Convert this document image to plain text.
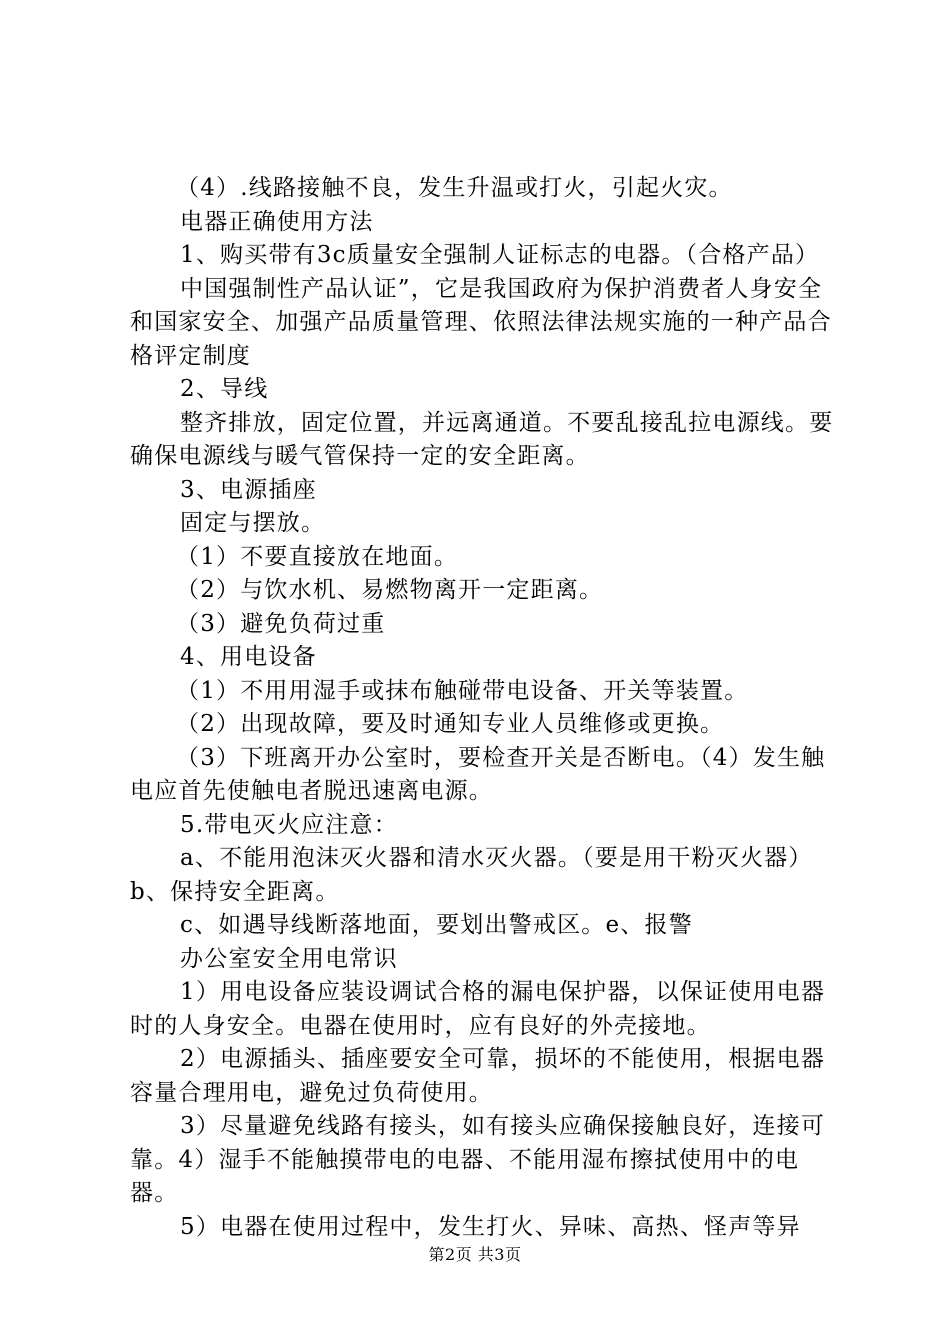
（4）.线路接触不良，发生升温或打火，引起火灾。

电器正确使用方法

1、购买带有3c质量安全强制人证标志的电器。（合格产品）

中国强制性产品认证”，它是我国政府为保护消费者人身安全和国家安全、加强产品质量管理、依照法律法规实施的一种产品合格评定制度

2、导线

整齐排放，固定位置，并远离通道。不要乱接乱拉电源线。要确保电源线与暖气管保持一定的安全距离。

3、电源插座

固定与摆放。

（1）不要直接放在地面。

（2）与饮水机、易燃物离开一定距离。

（3）避免负荷过重

4、用电设备

（1）不用用湿手或抹布触碰带电设备、开关等装置。

（2）出现故障，要及时通知专业人员维修或更换。

（3）下班离开办公室时，要检查开关是否断电。（4）发生触电应首先使触电者脱迅速离电源。

5.带电灭火应注意：

a、不能用泡沫灭火器和清水灭火器。（要是用干粉灭火器）b、保持安全距离。

c、如遇导线断落地面，要划出警戒区。e、报警

办公室安全用电常识

1）用电设备应装设调试合格的漏电保护器，以保证使用电器时的人身安全。电器在使用时，应有良好的外壳接地。

2）电源插头、插座要安全可靠，损坏的不能使用，根据电器容量合理用电，避免过负荷使用。

3）尽量避免线路有接头，如有接头应确保接触良好，连接可靠。4）湿手不能触摸带电的电器、不能用湿布擦拭使用中的电器。

5）电器在使用过程中，发生打火、异味、高热、怪声等异

第2页 共3页
